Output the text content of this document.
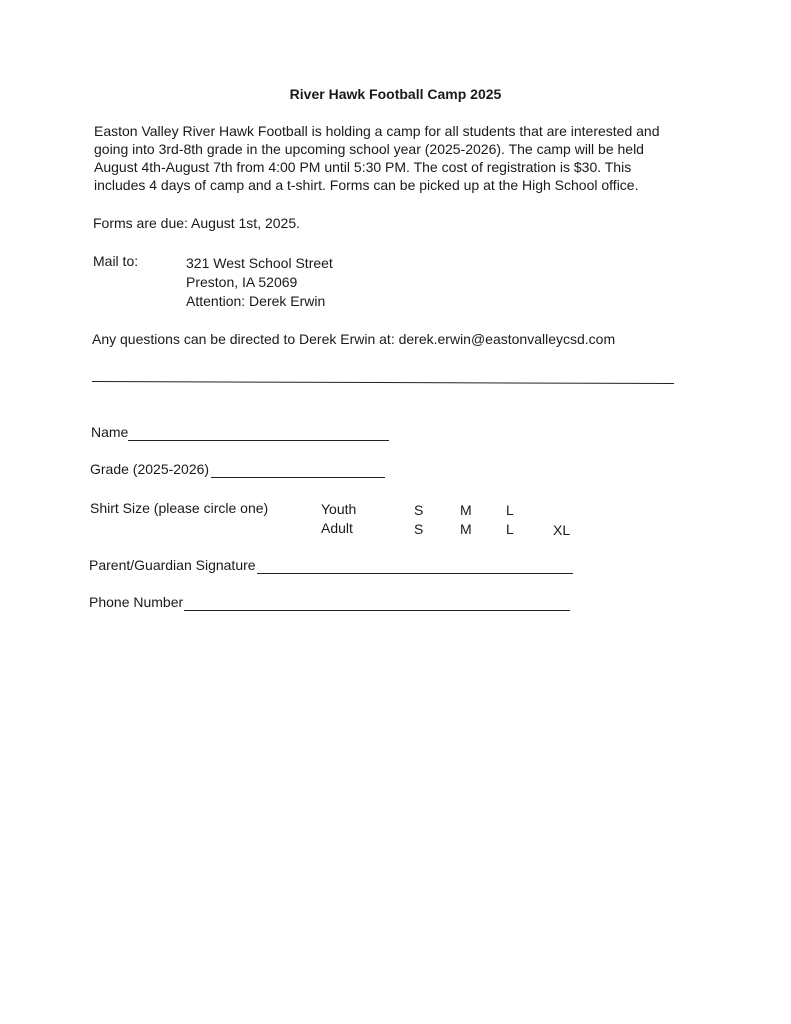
River Hawk Football Camp 2025

Easton Valley River Hawk Football is holding a camp for all students that are interested and
going into 3rd-8th grade in the upcoming school year (2025-2026). The camp will be held
August 4th-August 7th from 4:00 PM until 5:30 PM. The cost of registration is $30. This
includes 4 days of camp and a t-shirt. Forms can be picked up at the High School office.

Forms are due: August 1st, 2025.
Mail to:	321 West School Street
Preston, IA 52069
Attention: Derek Erwin
Any questions can be directed to Derek Erwin at: derek.erwin@eastonvalleycsd.com
Name
Grade (2025-2026)
Shirt Size (please circle one)	Youth	S	M L
Adult	S	M L	XL
Parent/Guardian Signature
Phone Number
